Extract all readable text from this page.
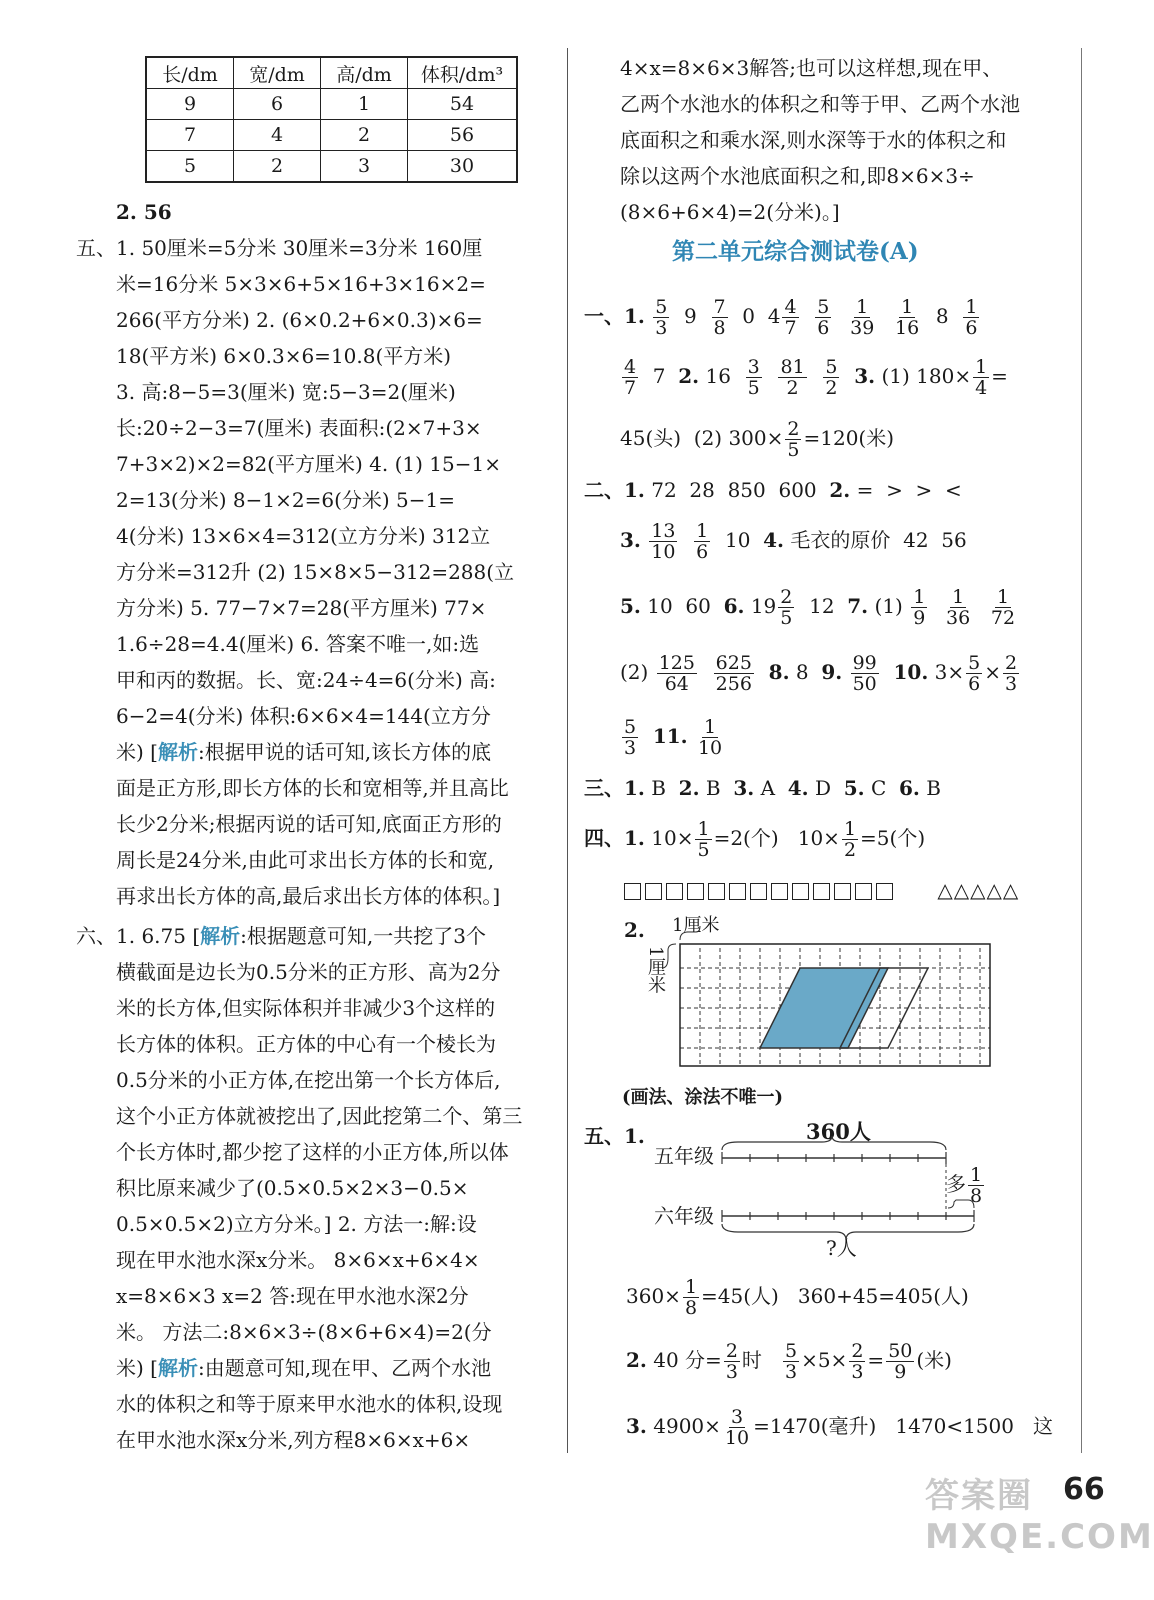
长/dm	宽/dm	高/dm	体积/dm³
9	6	1	54
7	4	2	56
5	2	3	30
2. 56
五、1. 50厘米=5分米 30厘米=3分米 160厘
米=16分米 5×3×6+5×16+3×16×2=
266(平方分米) 2. (6×0.2+6×0.3)×6=
18(平方米) 6×0.3×6=10.8(平方米)
3. 高:8−5=3(厘米) 宽:5−3=2(厘米)
长:20÷2−3=7(厘米) 表面积:(2×7+3×
7+3×2)×2=82(平方厘米) 4. (1) 15−1×
2=13(分米) 8−1×2=6(分米) 5−1=
4(分米) 13×6×4=312(立方分米) 312立
方分米=312升 (2) 15×8×5−312=288(立
方分米) 5. 77−7×7=28(平方厘米) 77×
1.6÷28=4.4(厘米) 6. 答案不唯一,如:选
甲和丙的数据。长、宽:24÷4=6(分米) 高:
6−2=4(分米) 体积:6×6×4=144(立方分
米) [解析:根据甲说的话可知,该长方体的底
面是正方形,即长方体的长和宽相等,并且高比
长少2分米;根据丙说的话可知,底面正方形的
周长是24分米,由此可求出长方体的长和宽,
再求出长方体的高,最后求出长方体的体积。]
六、1. 6.75 [解析:根据题意可知,一共挖了3个
横截面是边长为0.5分米的正方形、高为2分
米的长方体,但实际体积并非减少3个这样的
长方体的体积。正方体的中心有一个棱长为
0.5分米的小正方体,在挖出第一个长方体后,
这个小正方体就被挖出了,因此挖第二个、第三
个长方体时,都少挖了这样的小正方体,所以体
积比原来减少了(0.5×0.5×2×3−0.5×
0.5×0.5×2)立方分米。] 2. 方法一:解:设
现在甲水池水深x分米。 8×6×x+6×4×
x=8×6×3 x=2 答:现在甲水池水深2分
米。 方法二:8×6×3÷(8×6+6×4)=2(分
米) [解析:由题意可知,现在甲、乙两个水池
水的体积之和等于原来甲水池水的体积,设现
在甲水池水深x分米,列方程8×6×x+6×
4×x=8×6×3解答;也可以这样想,现在甲、
乙两个水池水的体积之和等于甲、乙两个水池
底面积之和乘水深,则水深等于水的体积之和
除以这两个水池底面积之和,即8×6×3÷
(8×6+6×4)=2(分米)。]
第二单元综合测试卷(A)
一、1. $\frac{5}{3} 9 \frac{7}{8} 0$  $4 \frac{4}{7}$
$\frac{5}{6}$
$\frac{1}{39}$
$\frac{1}{16} 8 \frac{1}{6}$
$\frac{4}{7} 7$  2. $16 \frac{3}{5}$
$\frac{81}{2}$
$\frac{5}{2} 3$. (1) $180\times \frac{1}{4}$ =
45(头)  (2) $300\times \frac{2}{5} =120$(米)
二、1. 72  28  850  600  2. =  >  >  <
3. $\frac{13}{10}$
$\frac{1}{6} 10$  4. 毛衣的原价  42  56
5. 10  60  6. $19 \frac{2}{5} 12$  7. $(1) \frac{1}{9}$
$\frac{1}{36}$
$\frac{1}{72}$
$(2) \frac{125}{64}$
$\frac{625}{256} 8$. 8  9. $\frac{99}{50} 10$. $3\times \frac{5}{6} \times \frac{2}{3}$
$\frac{5}{3} 11$. $\frac{1}{10}$
三、1. B  2. B  3. A  4. D  5. C  6. B
四、1. $10\times \frac{1}{5} =2$(个)   $10\times \frac{1}{2} =5$(个)
△△△△△
2. 1厘米
1厘米
(画法、涂法不唯一)
五、1.	360人
五年级
六年级
多 $\frac{1}{8}$
?人
$360\times \frac{1}{8} =45$(人)   360+45=405(人)
2. 40 分= $\frac{2}{3}$ 时 $\frac{5}{3} \times 5\times \frac{2}{3} = \frac{50}{9}$ (米)
3. $4900\times \frac{3}{10} =1470$(毫升)   1470<1500   这
答案圈 MXQE.COM
66
